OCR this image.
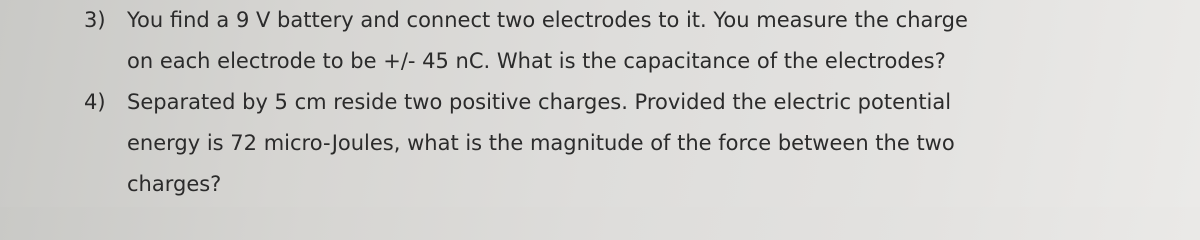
3) You find a 9 V battery and connect two electrodes to it. You measure the charge
on each electrode to be +/- 45 nC. What is the capacitance of the electrodes?
4) Separated by 5 cm reside two positive charges. Provided the electric potential
energy is 72 micro-Joules, what is the magnitude of the force between the two
charges?
